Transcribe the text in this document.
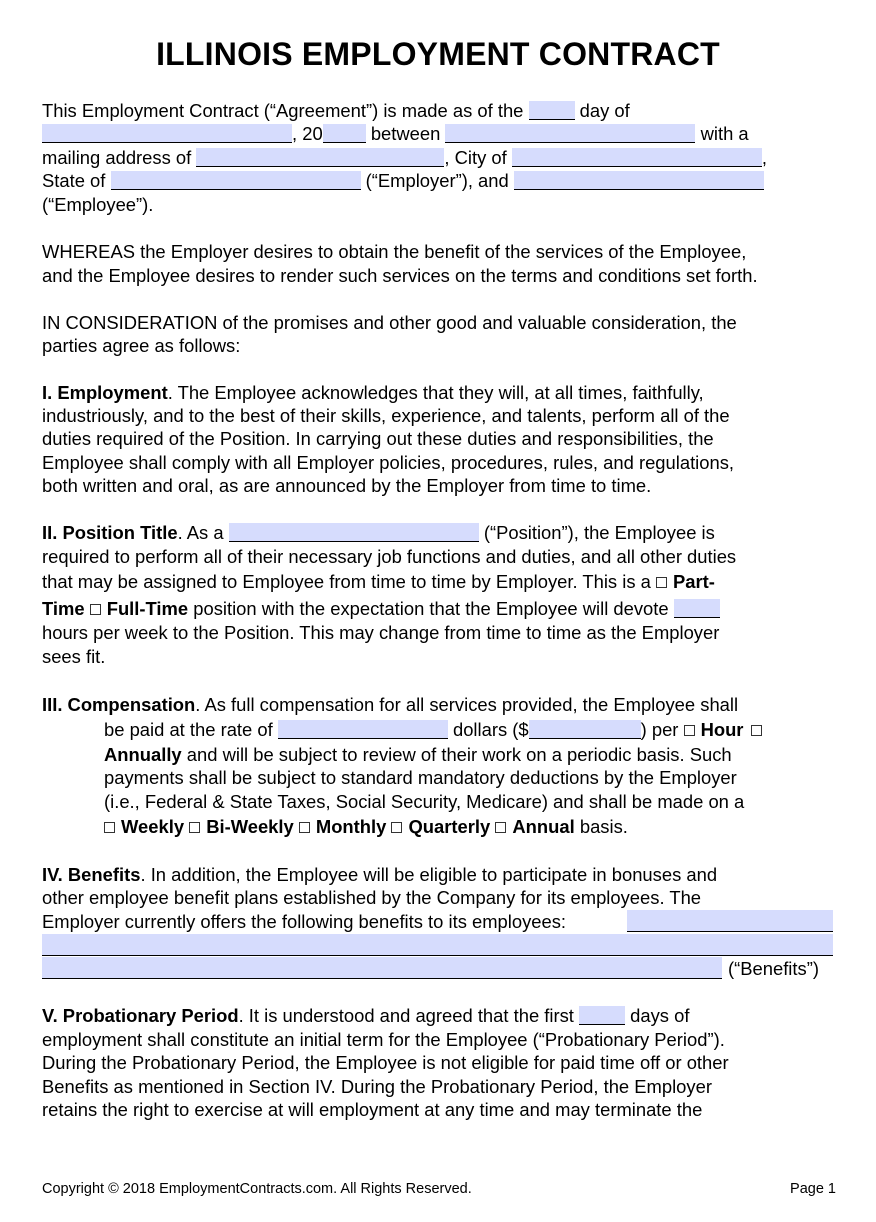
ILLINOIS EMPLOYMENT CONTRACT
This Employment Contract (“Agreement”) is made as of the	day of
, 20	between	with a
mailing address of	, City of	,
State of	(“Employer”), and
(“Employee”).
WHEREAS the Employer desires to obtain the benefit of the services of the Employee,
and the Employee desires to render such services on the terms and conditions set forth.
IN CONSIDERATION of the promises and other good and valuable consideration, the
parties agree as follows:
I. Employment. The Employee acknowledges that they will, at all times, faithfully,
industriously, and to the best of their skills, experience, and talents, perform all of the
duties required of the Position. In carrying out these duties and responsibilities, the
Employee shall comply with all Employer policies, procedures, rules, and regulations,
both written and oral, as are announced by the Employer from time to time.
II. Position Title. As a	(“Position”), the Employee is
required to perform all of their necessary job functions and duties, and all other duties
that may be assigned to Employee from time to time by Employer. This is a Part-
Time Full-Time position with the expectation that the Employee will devote
hours per week to the Position. This may change from time to time as the Employer
sees fit.
III. Compensation. As full compensation for all services provided, the Employee shall
be paid at the rate of	dollars ($	) per Hour
Annually and will be subject to review of their work on a periodic basis. Such
payments shall be subject to standard mandatory deductions by the Employer
(i.e., Federal & State Taxes, Social Security, Medicare) and shall be made on a
Weekly Bi-Weekly Monthly Quarterly Annual basis.
IV. Benefits. In addition, the Employee will be eligible to participate in bonuses and
other employee benefit plans established by the Company for its employees. The
Employer currently offers the following benefits to its employees:
(“Benefits”)
V. Probationary Period. It is understood and agreed that the first	days of
employment shall constitute an initial term for the Employee (“Probationary Period”).
During the Probationary Period, the Employee is not eligible for paid time off or other
Benefits as mentioned in Section IV. During the Probationary Period, the Employer
retains the right to exercise at will employment at any time and may terminate the
Copyright © 2018 EmploymentContracts.com. All Rights Reserved.	Page 1
